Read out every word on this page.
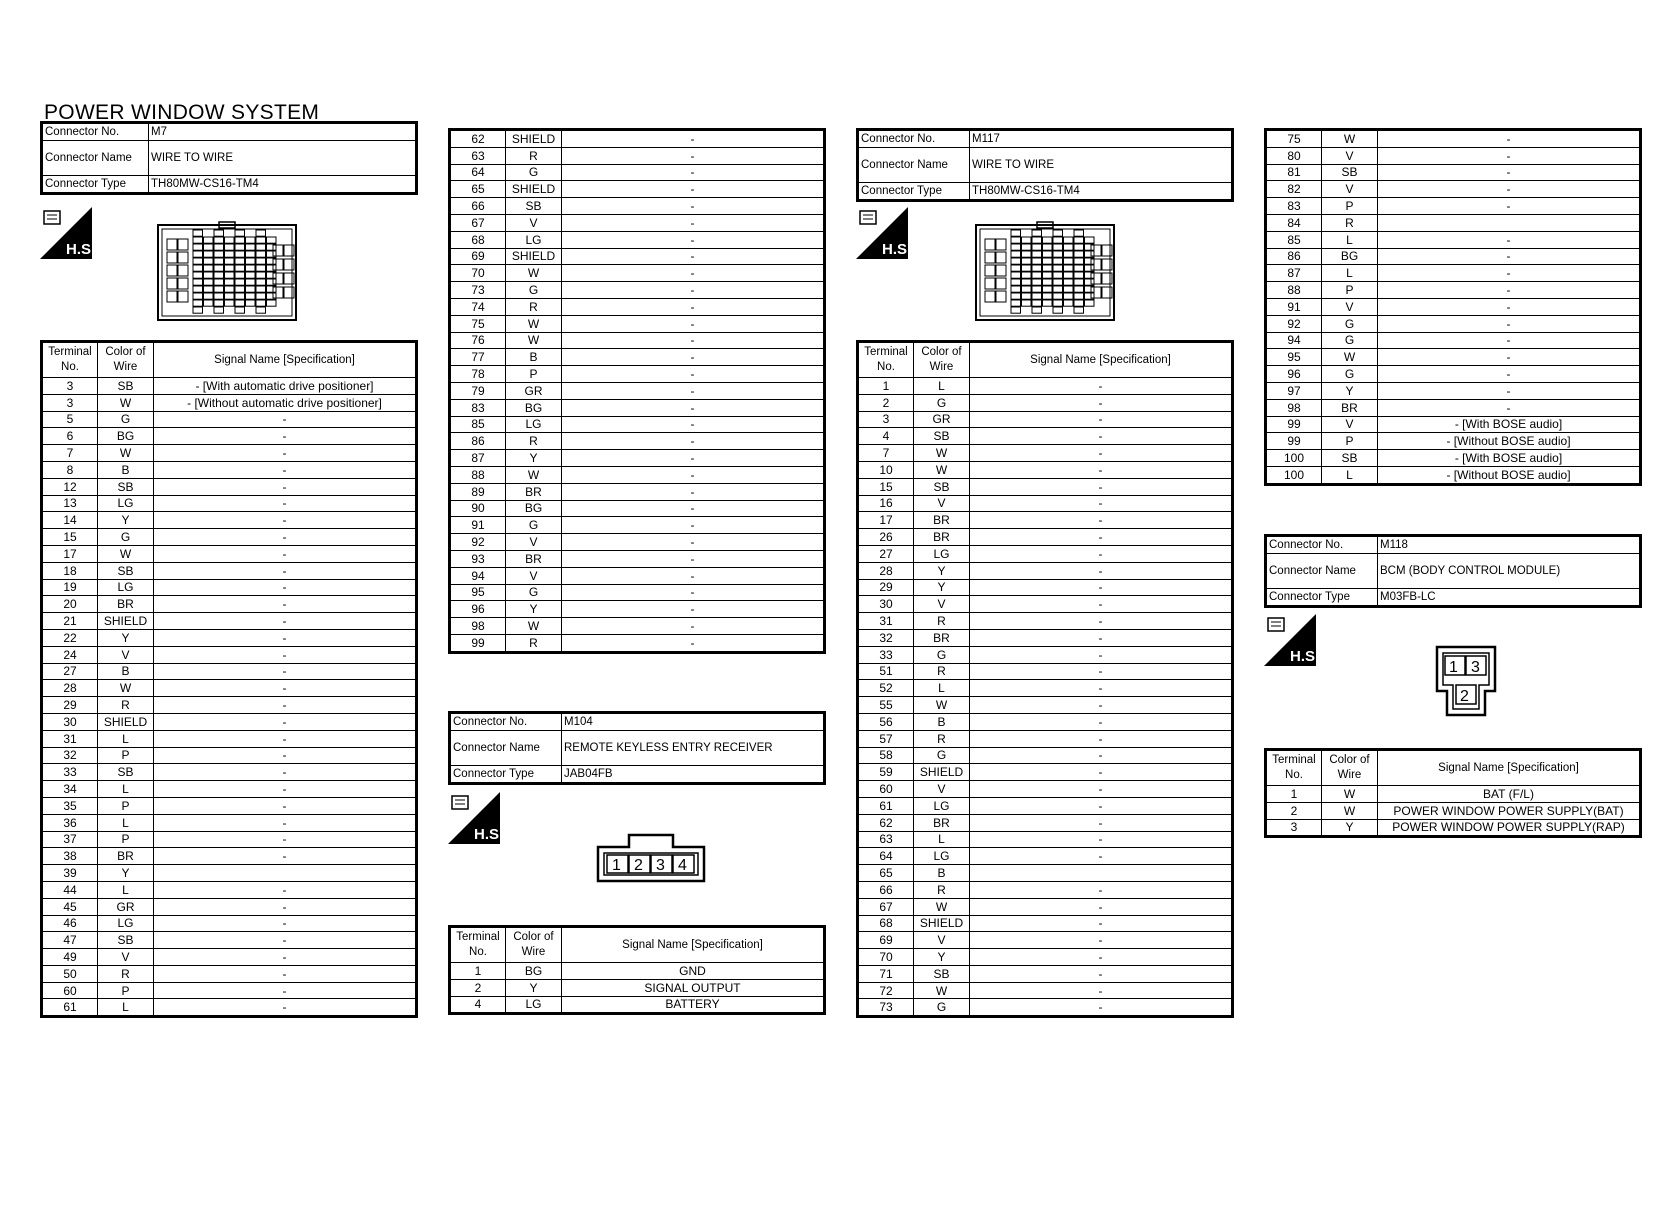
POWER WINDOW SYSTEM
Connector No.	M7
Connector Name	WIRE TO WIRE
Connector Type	TH80MW-CS16-TM4
H.S.
Terminal No.	Color of Wire	Signal Name [Specification]
3	SB	- [With automatic drive positioner]
3	W	- [Without automatic drive positioner]
5	G	-
6	BG	-
7	W	-
8	B	-
12	SB	-
13	LG	-
14	Y	-
15	G	-
17	W	-
18	SB	-
19	LG	-
20	BR	-
21	SHIELD	-
22	Y	-
24	V	-
27	B	-
28	W	-
29	R	-
30	SHIELD	-
31	L	-
32	P	-
33	SB	-
34	L	-
35	P	-
36	L	-
37	P	-
38	BR	-
39	Y	
44	L	-
45	GR	-
46	LG	-
47	SB	-
49	V	-
50	R	-
60	P	-
61	L	-
62	SHIELD	-
63	R	-
64	G	-
65	SHIELD	-
66	SB	-
67	V	-
68	LG	-
69	SHIELD	-
70	W	-
73	G	-
74	R	-
75	W	-
76	W	-
77	B	-
78	P	-
79	GR	-
83	BG	-
85	LG	-
86	R	-
87	Y	-
88	W	-
89	BR	-
90	BG	-
91	G	-
92	V	-
93	BR	-
94	V	-
95	G	-
96	Y	-
98	W	-
99	R	-
Connector No.	M104
Connector Name	REMOTE KEYLESS ENTRY RECEIVER
Connector Type	JAB04FB
H.S.
1 2 3 4
Terminal No.	Color of Wire	Signal Name [Specification]
1	BG	GND
2	Y	SIGNAL OUTPUT
4	LG	BATTERY
Connector No.	M117
Connector Name	WIRE TO WIRE
Connector Type	TH80MW-CS16-TM4
H.S.
Terminal No.	Color of Wire	Signal Name [Specification]
1	L	-
2	G	-
3	GR	-
4	SB	-
7	W	-
10	W	-
15	SB	-
16	V	-
17	BR	-
26	BR	-
27	LG	-
28	Y	-
29	Y	-
30	V	-
31	R	-
32	BR	-
33	G	-
51	R	-
52	L	-
55	W	-
56	B	-
57	R	-
58	G	-
59	SHIELD	-
60	V	-
61	LG	-
62	BR	-
63	L	-
64	LG	-
65	B	
66	R	-
67	W	-
68	SHIELD	-
69	V	-
70	Y	-
71	SB	-
72	W	-
73	G	-
75	W	-
80	V	-
81	SB	-
82	V	-
83	P	-
84	R	
85	L	-
86	BG	-
87	L	-
88	P	-
91	V	-
92	G	-
94	G	-
95	W	-
96	G	-
97	Y	-
98	BR	-
99	V	- [With BOSE audio]
99	P	- [Without BOSE audio]
100	SB	- [With BOSE audio]
100	L	- [Without BOSE audio]
Connector No.	M118
Connector Name	BCM (BODY CONTROL MODULE)
Connector Type	M03FB-LC
H.S.
1 3
2
Terminal No.	Color of Wire	Signal Name [Specification]
1	W	BAT (F/L)
2	W	POWER WINDOW POWER SUPPLY(BAT)
3	Y	POWER WINDOW POWER SUPPLY(RAP)
